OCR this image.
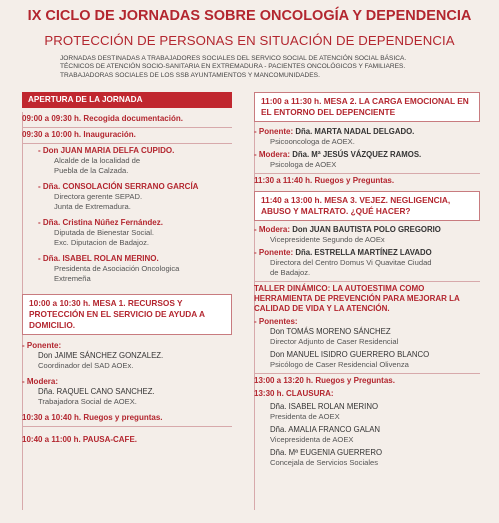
IX CICLO DE JORNADAS SOBRE ONCOLOGÍA Y DEPENDENCIA
PROTECCIÓN DE PERSONAS EN SITUACIÓN DE DEPENDENCIA
JORNADAS DESTINADAS A TRABAJADORES SOCIALES DEL SERVICO SOCIAL DE ATENCIÓN SOCIAL BÁSICA.
TÉCNICOS DE ATENCIÓN SOCIO-SANITARIA EN EXTREMADURA - PACIENTES ONCOLÓGICOS Y FAMILIARES.
TRABAJADORAS SOCIALES DE LOS SSB AYUNTAMIENTOS Y MANCOMUNIDADES.
APERTURA DE LA JORNADA
09:00 a 09:30 h. Recogida documentación.
09:30 a 10:00 h. Inauguración.
- Don JUAN MARIA DELFA CUPIDO.
Alcalde de la localidad de
Puebla de la Calzada.
- Dña. CONSOLACIÓN SERRANO GARCÍA
Directora gerente SEPAD.
Junta de Extremadura.
- Dña. Cristina Núñez Fernández.
Diputada de Bienestar Social.
Exc. Diputacion de Badajoz.
- Dña. ISABEL ROLAN MERINO.
Presidenta de Asociación Oncologica
Extremeña
10:00 a 10:30 h. MESA 1. RECURSOS Y PROTECCIÓN EN EL SERVICIO DE AYUDA A DOMICILIO.
- Ponente:
Don JAIME SÁNCHEZ GONZALEZ.
Coordinador del SAD AOEx.
- Modera:
Dña. RAQUEL CANO SANCHEZ.
Trabajadora Social de AOEX.
10:30 a 10:40 h. Ruegos y preguntas.
10:40 a 11:00 h. PAUSA-CAFE.
11:00 a 11:30 h. MESA 2. LA CARGA EMOCIONAL EN EL ENTORNO DEL DEPENCIENTE
- Ponente: Dña. MARTA NADAL DELGADO.
Psicooncologa de AOEX.
- Modera: Dña. Mª JESÚS VÁZQUEZ RAMOS.
Psicologa de AOEX
11:30 a 11:40 h. Ruegos y Preguntas.
11:40 a 13:00 h. MESA 3. VEJEZ. NEGLIGENCIA, ABUSO Y MALTRATO. ¿QUÉ HACER?
- Modera: Don JUAN BAUTISTA POLO GREGORIO
Vicepresidente Segundo de AOEx
- Ponente: Dña. ESTRELLA MARTÍNEZ LAVADO
Directora del Centro Domus Vi Quavitae Ciudad
de Badajoz.
TALLER DINÁMICO: LA AUTOESTIMA COMO HERRAMIENTA DE PREVENCIÓN PARA MEJORAR LA CALIDAD DE VIDA Y LA ATENCIÓN.
- Ponentes:
Don TOMÁS MORENO SÁNCHEZ
Director Adjunto de Caser Residencial
Don MANUEL ISIDRO GUERRERO BLANCO
Psicólogo de Caser Residencial Olivenza
13:00 a 13:20 h. Ruegos y Preguntas.
13:30 h. CLAUSURA:
Dña. ISABEL ROLAN MERINO
Presidenta de AOEX
Dña. AMALIA FRANCO GALAN
Vicepresidenta de AOEX
Dña. Mª EUGENIA GUERRERO
Concejala de Servicios Sociales
